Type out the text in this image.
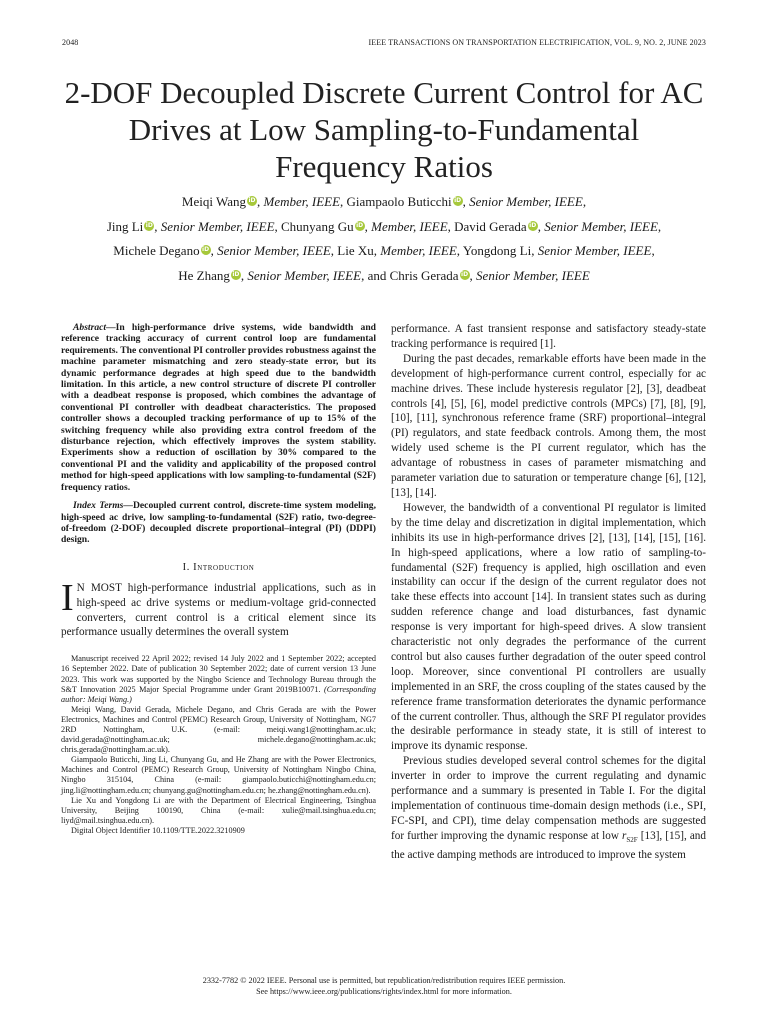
2048	IEEE TRANSACTIONS ON TRANSPORTATION ELECTRIFICATION, VOL. 9, NO. 2, JUNE 2023
2-DOF Decoupled Discrete Current Control for AC Drives at Low Sampling-to-Fundamental Frequency Ratios
Meiqi Wang iD, Member, IEEE, Giampaolo Buticchi iD, Senior Member, IEEE,
Jing Li iD, Senior Member, IEEE, Chunyang Gu iD, Member, IEEE, David Gerada iD, Senior Member, IEEE,
Michele Degano iD, Senior Member, IEEE, Lie Xu, Member, IEEE, Yongdong Li, Senior Member, IEEE,
He Zhang iD, Senior Member, IEEE, and Chris Gerada iD, Senior Member, IEEE

Abstract—In high-performance drive systems, wide bandwidth and reference tracking accuracy of current control loop are fundamental requirements. The conventional PI controller provides robustness against the machine parameter mismatching and zero steady-state error, but its dynamic performance degrades at high speed due to the bandwidth limitation. In this article, a new control structure of discrete PI controller with a deadbeat response is proposed, which combines the advantage of conventional PI controller with deadbeat characteristics. The proposed controller shows a decoupled tracking performance of up to 15% of the switching frequency while also providing extra control freedom of the disturbance rejection, which effectively improves the system stability. Experiments show a reduction of oscillation by 30% compared to the conventional PI and the validity and applicability of the proposed control method for high-speed applications with low sampling-to-fundamental (S2F) frequency ratios.

Index Terms—Decoupled current control, discrete-time system modeling, high-speed ac drive, low sampling-to-fundamental (S2F) ratio, two-degree-of-freedom (2-DOF) decoupled discrete proportional–integral (PI) (DDPI) design.

I. Introduction

I N MOST high-performance industrial applications, such as in high-speed ac drive systems or medium-voltage grid-connected converters, current control is a critical element since its performance usually determines the overall system

Manuscript received 22 April 2022; revised 14 July 2022 and 1 September 2022; accepted 16 September 2022. Date of publication 30 September 2022; date of current version 13 June 2023. This work was supported by the Ningbo Science and Technology Bureau through the S&T Innovation 2025 Major Special Programme under Grant 2019B10071. (Corresponding author: Meiqi Wang.)

Meiqi Wang, David Gerada, Michele Degano, and Chris Gerada are with the Power Electronics, Machines and Control (PEMC) Research Group, University of Nottingham, NG7 2RD Nottingham, U.K. (e-mail: meiqi.wang1@nottingham.ac.uk; david.gerada@nottingham.ac.uk; michele.degano@nottingham.ac.uk; chris.gerada@nottingham.ac.uk).

Giampaolo Buticchi, Jing Li, Chunyang Gu, and He Zhang are with the Power Electronics, Machines and Control (PEMC) Research Group, University of Nottingham Ningbo China, Ningbo 315104, China (e-mail: giampaolo.buticchi@nottingham.edu.cn; jing.li@nottingham.edu.cn; chunyang.gu@nottingham.edu.cn; he.zhang@nottingham.edu.cn).

Lie Xu and Yongdong Li are with the Department of Electrical Engineering, Tsinghua University, Beijing 100190, China (e-mail: xulie@mail.tsinghua.edu.cn; liyd@mail.tsinghua.edu.cn).

Digital Object Identifier 10.1109/TTE.2022.3210909

performance. A fast transient response and satisfactory steady-state tracking performance is required [1].

During the past decades, remarkable efforts have been made in the development of high-performance current control, especially for ac machine drives. These include hysteresis regulator [2], [3], deadbeat controls [4], [5], [6], model predictive controls (MPCs) [7], [8], [9], [10], [11], synchronous reference frame (SRF) proportional–integral (PI) regulators, and state feedback controls. Among them, the most widely used scheme is the PI current regulator, which has the advantage of robustness in cases of parameter mismatching and parameter variation due to saturation or temperature change [6], [12], [13], [14].

However, the bandwidth of a conventional PI regulator is limited by the time delay and discretization in digital implementation, which inhibits its use in high-performance drives [2], [13], [14], [15], [16]. In high-speed applications, where a low ratio of sampling-to-fundamental (S2F) frequency is applied, high oscillation and even instability can occur if the design of the current regulator does not take these effects into account [14]. In transient states such as during sudden reference change and load disturbances, fast dynamic response is very important for high-speed drives. A slow transient characteristic not only degrades the performance of the current control but also causes further degradation of the outer speed control loop. Moreover, since conventional PI controllers are usually implemented in an SRF, the cross coupling of the states caused by the reference frame transformation deteriorates the dynamic performance of the current controller. Thus, although the SRF PI regulator provides the desirable performance in steady state, it is still of interest to improve its dynamic response.

Previous studies developed several control schemes for the digital inverter in order to improve the current regulating and dynamic performance and a summary is presented in Table I. For the digital implementation of continuous time-domain design methods (i.e., SPI, FC-SPI, and CPI), time delay compensation methods are suggested for further improving the dynamic response at low $r_{S2F}$ [13], [15], and the active damping methods are introduced to improve the system

2332-7782 © 2022 IEEE. Personal use is permitted, but republication/redistribution requires IEEE permission.
See https://www.ieee.org/publications/rights/index.html for more information.
